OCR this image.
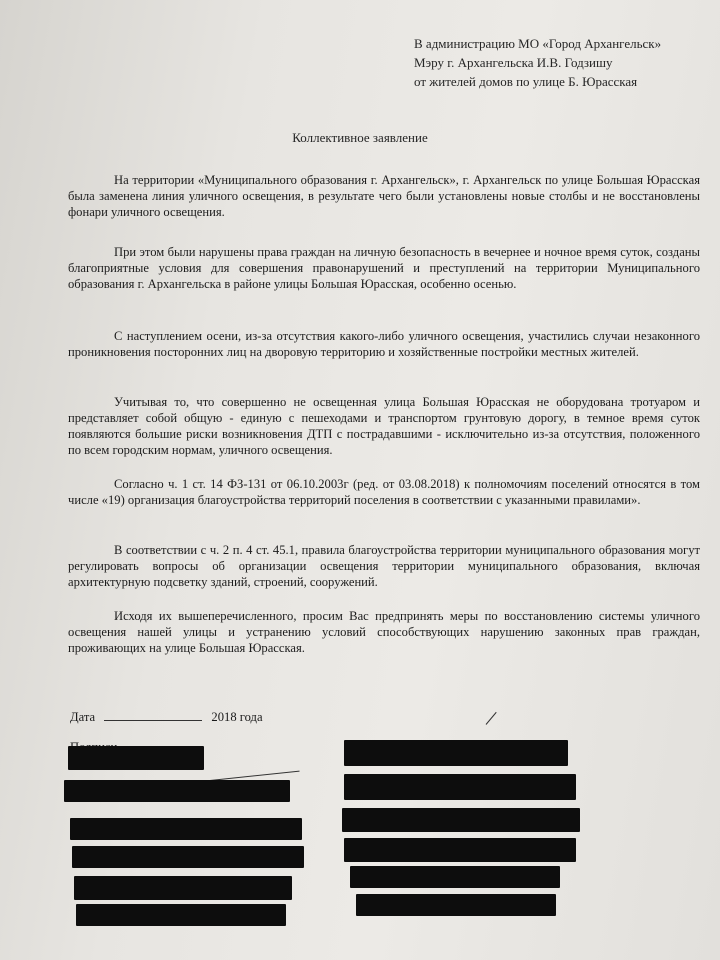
В администрацию МО «Город Архангельск»
Мэру г. Архангельска И.В. Годзишу
от жителей домов по улице Б. Юрасская
Коллективное заявление

На территории «Муниципального образования г. Архангельск», г. Архангельск по улице Большая Юрасская была заменена линия уличного освещения, в результате чего были установлены новые столбы и не восстановлены фонари уличного освещения.

При этом были нарушены права граждан на личную безопасность в вечернее и ночное время суток, созданы благоприятные условия для совершения правонарушений и преступлений на территории Муниципального образования г. Архангельска в районе улицы Большая Юрасская, особенно осенью.

С наступлением осени, из-за отсутствия какого-либо уличного освещения, участились случаи незаконного проникновения посторонних лиц на дворовую территорию и хозяйственные постройки местных жителей.

Учитывая то, что совершенно не освещенная улица Большая Юрасская не оборудована тротуаром и представляет собой общую - единую с пешеходами и транспортом грунтовую дорогу, в темное время суток появляются большие риски возникновения ДТП с пострадавшими - исключительно из-за отсутствия, положенного по всем городским нормам, уличного освещения.

Согласно ч. 1 ст. 14 ФЗ-131 от 06.10.2003г (ред. от 03.08.2018) к полномочиям поселений относятся в том числе «19) организация благоустройства территорий поселения в соответствии с указанными правилами».

В соответствии с ч. 2 п. 4 ст. 45.1, правила благоустройства территории муниципального образования могут регулировать вопросы об организации освещения территории муниципального образования, включая архитектурную подсветку зданий, строений, сооружений.

Исходя их вышеперечисленного, просим Вас предпринять меры по восстановлению системы уличного освещения нашей улицы и устранению условий способствующих нарушению законных прав граждан, проживающих на улице Большая Юрасская.

Дата	2018 года
